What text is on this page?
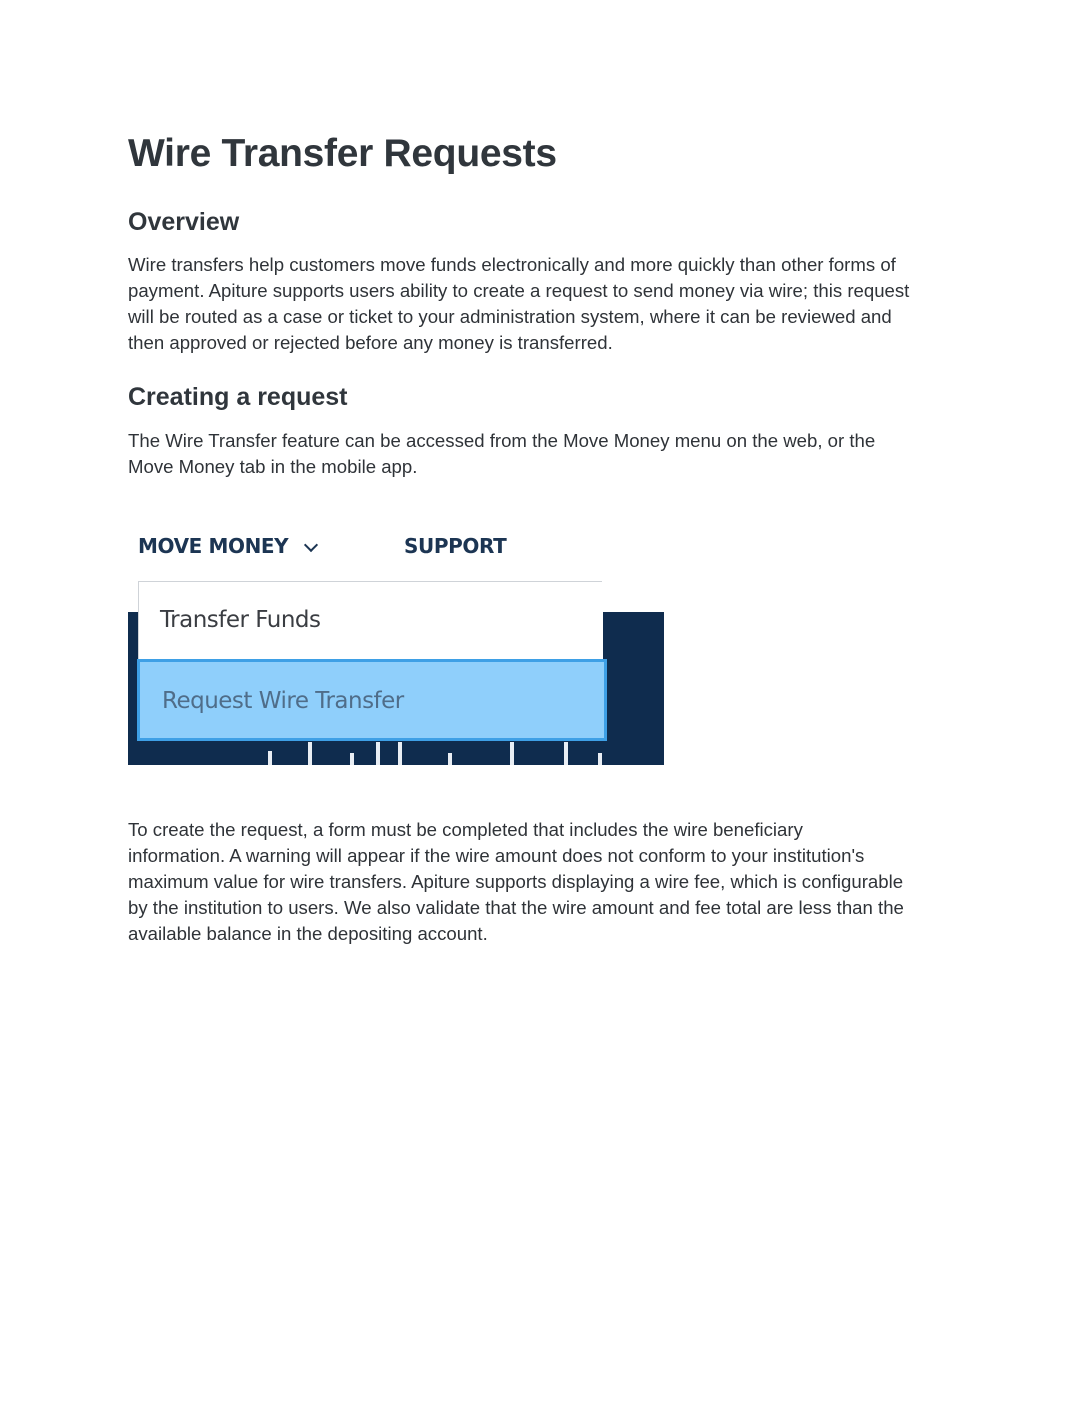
Wire Transfer Requests
Overview

Wire transfers help customers move funds electronically and more quickly than other forms of
payment. Apiture supports users ability to create a request to send money via wire; this request
will be routed as a case or ticket to your administration system, where it can be reviewed and
then approved or rejected before any money is transferred.

Creating a request

The Wire Transfer feature can be accessed from the Move Money menu on the web, or the
Move Money tab in the mobile app.

MOVE MONEY	SUPPORT
Transfer Funds
Request Wire Transfer

To create the request, a form must be completed that includes the wire beneficiary
information. A warning will appear if the wire amount does not conform to your institution's
maximum value for wire transfers. Apiture supports displaying a wire fee, which is configurable
by the institution to users. We also validate that the wire amount and fee total are less than the
available balance in the depositing account.
